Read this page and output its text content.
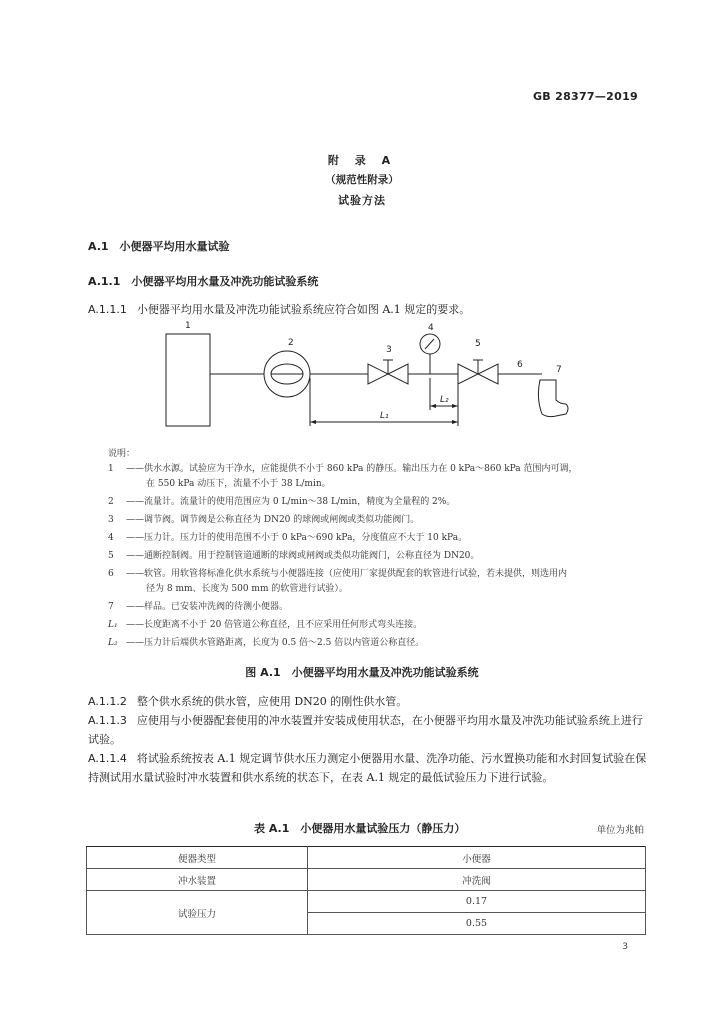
GB 28377—2019
附 录 A
（规范性附录）
试验方法
A.1　小便器平均用水量试验
A.1.1　小便器平均用水量及冲洗功能试验系统
A.1.1.1 小便器平均用水量及冲洗功能试验系统应符合如图 A.1 规定的要求。
1
2
3
4
5
6	7
L₁
L₂
说明：
1 ——供水水源。试验应为干净水，应能提供不小于 860 kPa 的静压。输出压力在 0 kPa～860 kPa 范围内可调，
在 550 kPa 动压下，流量不小于 38 L/min。
2 ——流量计。流量计的使用范围应为 0 L/min～38 L/min，精度为全量程的 2%。
3 ——调节阀。调节阀是公称直径为 DN20 的球阀或闸阀或类似功能阀门。
4 ——压力计。压力计的使用范围不小于 0 kPa～690 kPa，分度值应不大于 10 kPa。
5 ——通断控制阀。用于控制管道通断的球阀或闸阀或类似功能阀门，公称直径为 DN20。
6 ——软管。用软管将标准化供水系统与小便器连接（应使用厂家提供配套的软管进行试验，若未提供，则选用内
径为 8 mm、长度为 500 mm 的软管进行试验）。
7 ——样品。已安装冲洗阀的待测小便器。
L₁ ——长度距离不小于 20 倍管道公称直径，且不应采用任何形式弯头连接。
L₂ ——压力计后端供水管路距离，长度为 0.5 倍～2.5 倍以内管道公称直径。
图 A.1　小便器平均用水量及冲洗功能试验系统
A.1.1.2 整个供水系统的供水管，应使用 DN20 的刚性供水管。
A.1.1.3 应使用与小便器配套使用的冲水装置并安装成使用状态，在小便器平均用水量及冲洗功能试验系统上进行试验。
A.1.1.4 将试验系统按表 A.1 规定调节供水压力测定小便器用水量、洗净功能、污水置换功能和水封回复试验在保持测试用水量试验时冲水装置和供水系统的状态下，在表 A.1 规定的最低试验压力下进行试验。
表 A.1　小便器用水量试验压力（静压力）	单位为兆帕
便器类型	小便器
冲水装置	冲洗阀
试验压力	0.17
	0.55
3
